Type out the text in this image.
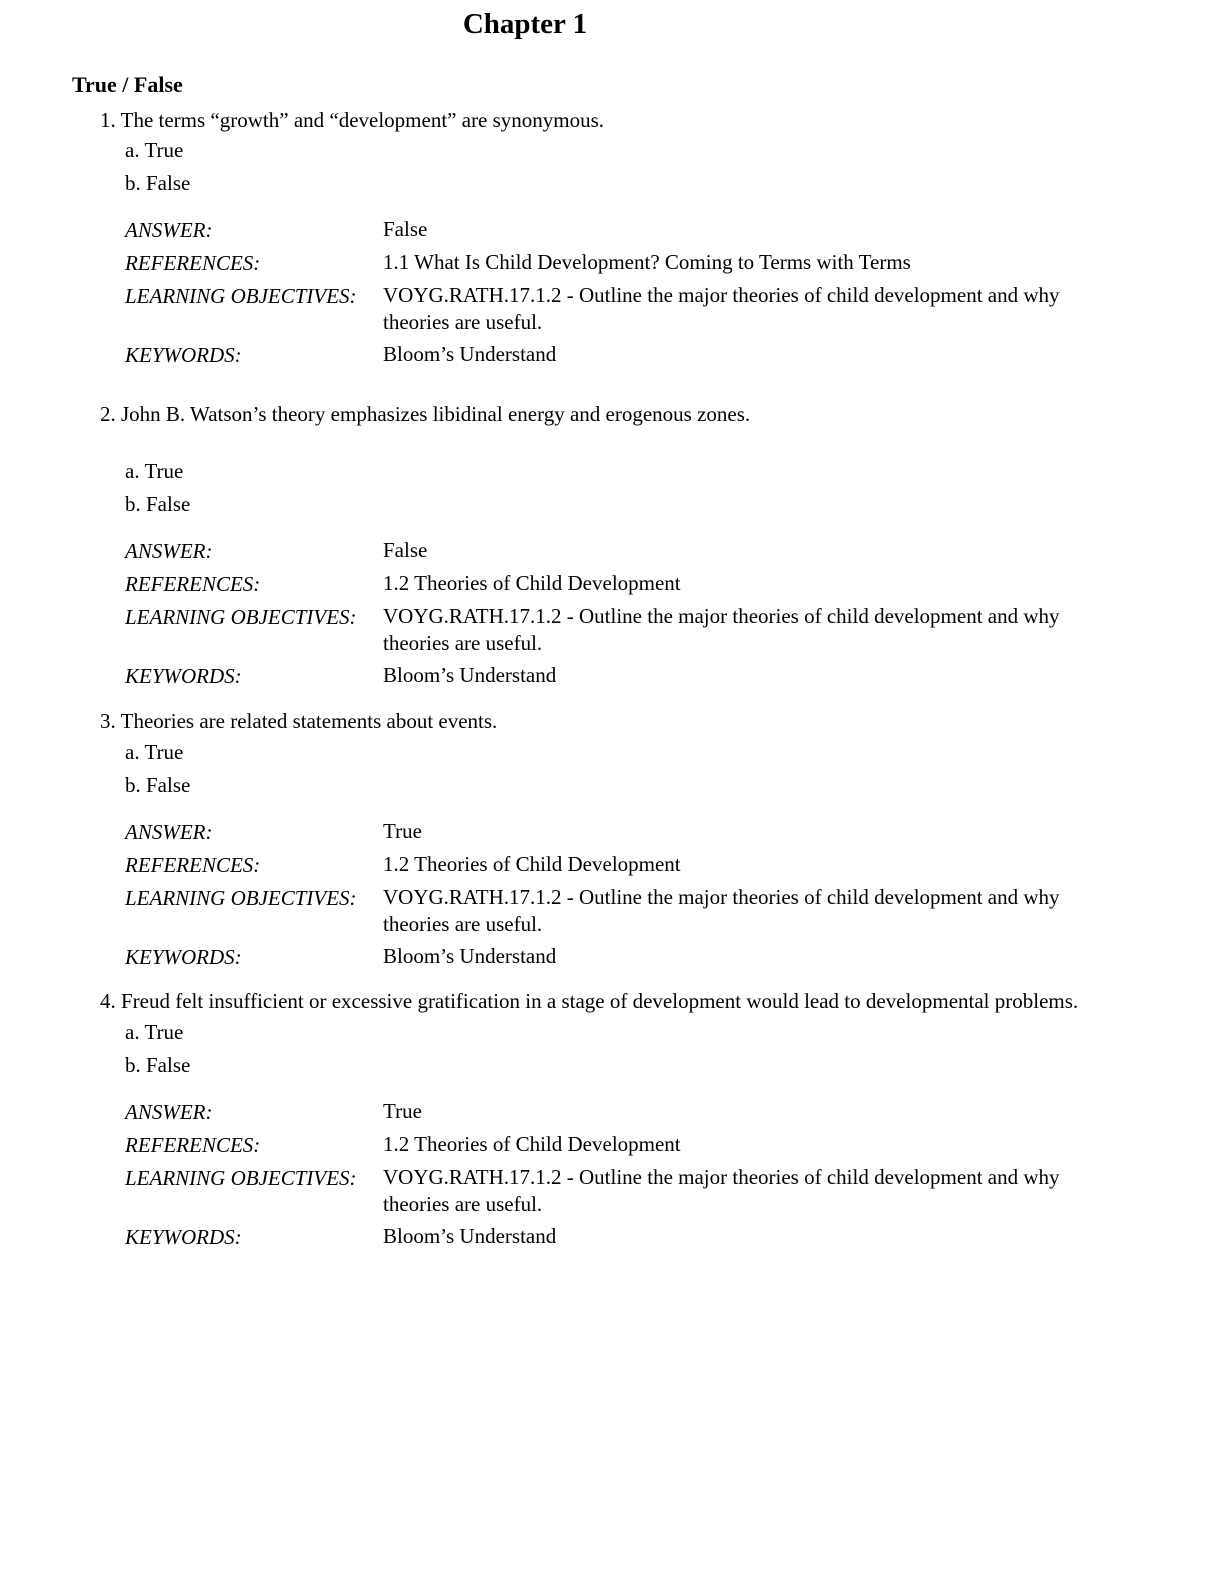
Chapter 1
True / False
1. The terms “growth” and “development” are synonymous.
a. True
b. False
ANSWER:	False
REFERENCES:	1.1 What Is Child Development? Coming to Terms with Terms
LEARNING OBJECTIVES: VOYG.RATH.17.1.2 - Outline the major theories of child development and why theories are useful.
KEYWORDS:	Bloom’s Understand
2. John B. Watson’s theory emphasizes libidinal energy and erogenous zones.
a. True
b. False
ANSWER:	False
REFERENCES:	1.2 Theories of Child Development
LEARNING OBJECTIVES: VOYG.RATH.17.1.2 - Outline the major theories of child development and why theories are useful.
KEYWORDS:	Bloom’s Understand
3. Theories are related statements about events.
a. True
b. False
ANSWER:	True
REFERENCES:	1.2 Theories of Child Development
LEARNING OBJECTIVES: VOYG.RATH.17.1.2 - Outline the major theories of child development and why theories are useful.
KEYWORDS:	Bloom’s Understand
4. Freud felt insufficient or excessive gratification in a stage of development would lead to developmental problems.
a. True
b. False
ANSWER:	True
REFERENCES:	1.2 Theories of Child Development
LEARNING OBJECTIVES: VOYG.RATH.17.1.2 - Outline the major theories of child development and why theories are useful.
KEYWORDS:	Bloom’s Understand
